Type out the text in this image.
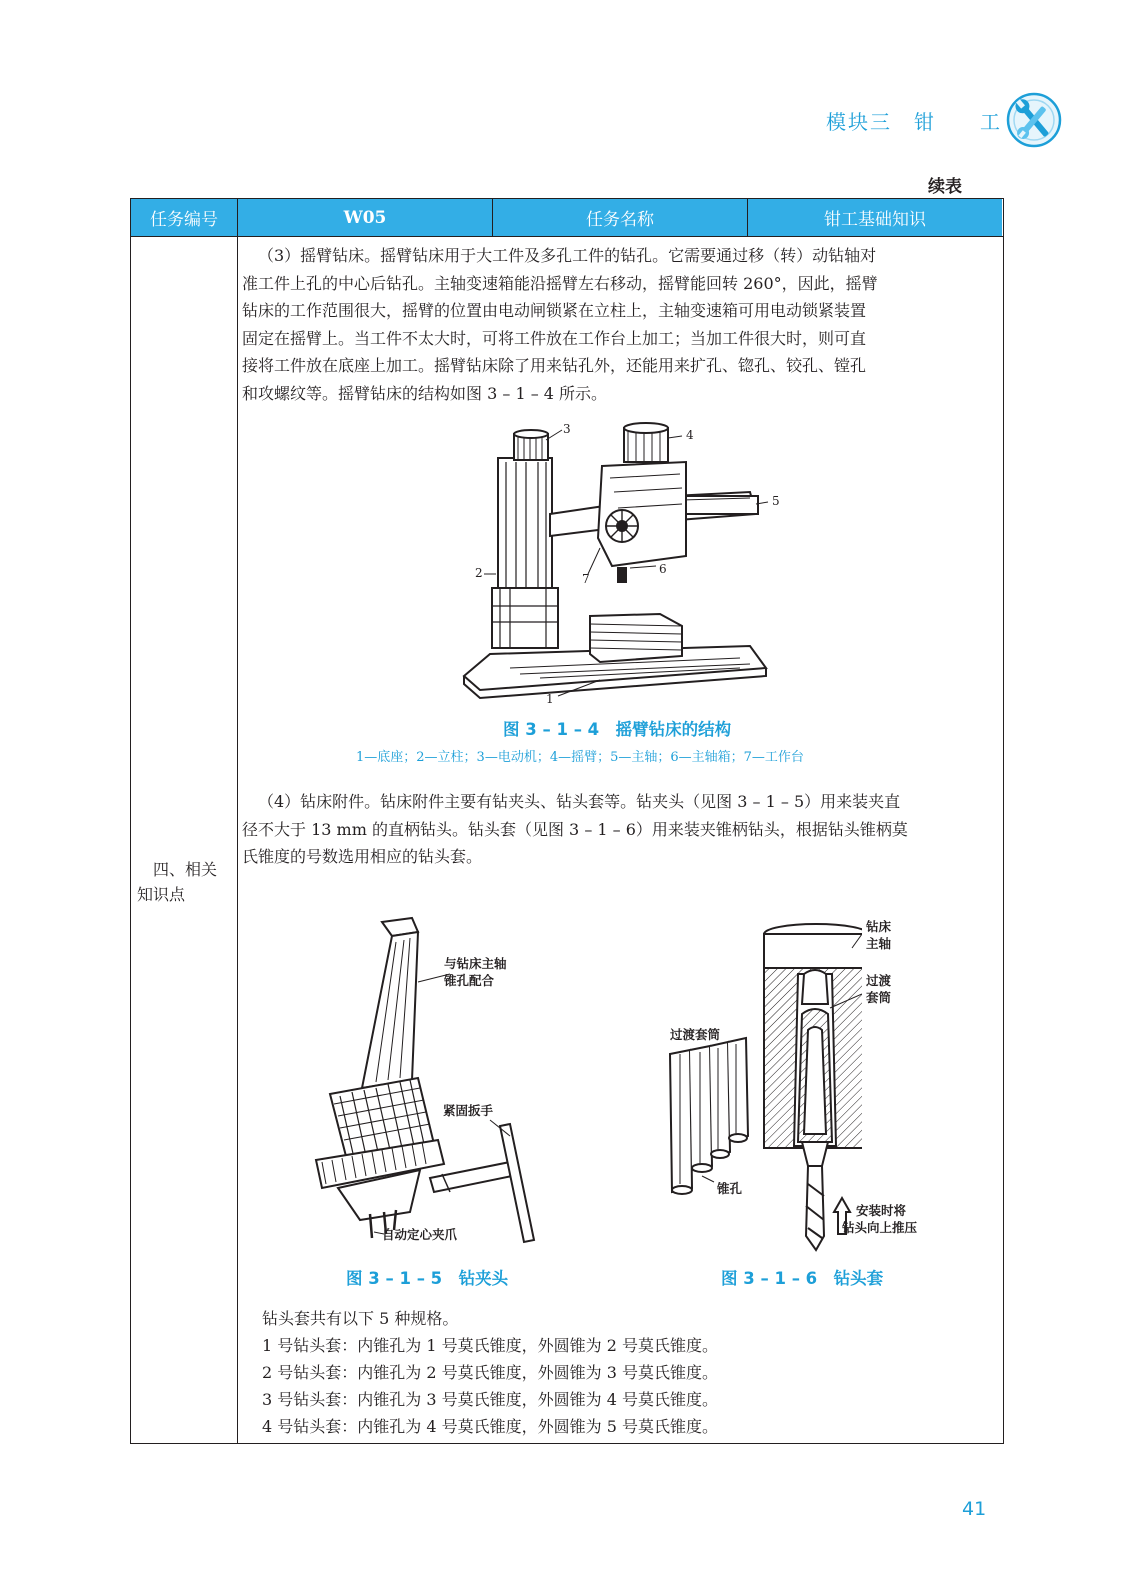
模块三　钳　　工
续表
任务编号	W05	任务名称	钳工基础知识
四、相关
知识点
（3）摇臂钻床。摇臂钻床用于大工件及多孔工件的钻孔。它需要通过移（转）动钻轴对
准工件上孔的中心后钻孔。主轴变速箱能沿摇臂左右移动，摇臂能回转 260°，因此，摇臂
钻床的工作范围很大，摇臂的位置由电动闸锁紧在立柱上，主轴变速箱可用电动锁紧装置
固定在摇臂上。当工件不太大时，可将工件放在工作台上加工；当加工件很大时，则可直
接将工件放在底座上加工。摇臂钻床除了用来钻孔外，还能用来扩孔、锪孔、铰孔、镗孔
和攻螺纹等。摇臂钻床的结构如图 3 – 1 – 4 所示。
3	4
5
6
7
2
1
图 3 – 1 – 4　摇臂钻床的结构
1—底座；2—立柱；3—电动机；4—摇臂；5—主轴；6—主轴箱；7—工作台
（4）钻床附件。钻床附件主要有钻夹头、钻头套等。钻夹头（见图 3 – 1 – 5）用来装夹直
径不大于 13 mm 的直柄钻头。钻头套（见图 3 – 1 – 6）用来装夹锥柄钻头，根据钻头锥柄莫
氏锥度的号数选用相应的钻头套。
与钻床主轴
锥孔配合
紧固扳手
自动定心夹爪
图 3 – 1 – 5　钻夹头
钻床
主轴
过渡
套筒
过渡套筒
锥孔
安装时将
钻头向上推压
图 3 – 1 – 6　钻头套
钻头套共有以下 5 种规格。
1 号钻头套：内锥孔为 1 号莫氏锥度，外圆锥为 2 号莫氏锥度。
2 号钻头套：内锥孔为 2 号莫氏锥度，外圆锥为 3 号莫氏锥度。
3 号钻头套：内锥孔为 3 号莫氏锥度，外圆锥为 4 号莫氏锥度。
4 号钻头套：内锥孔为 4 号莫氏锥度，外圆锥为 5 号莫氏锥度。
41
